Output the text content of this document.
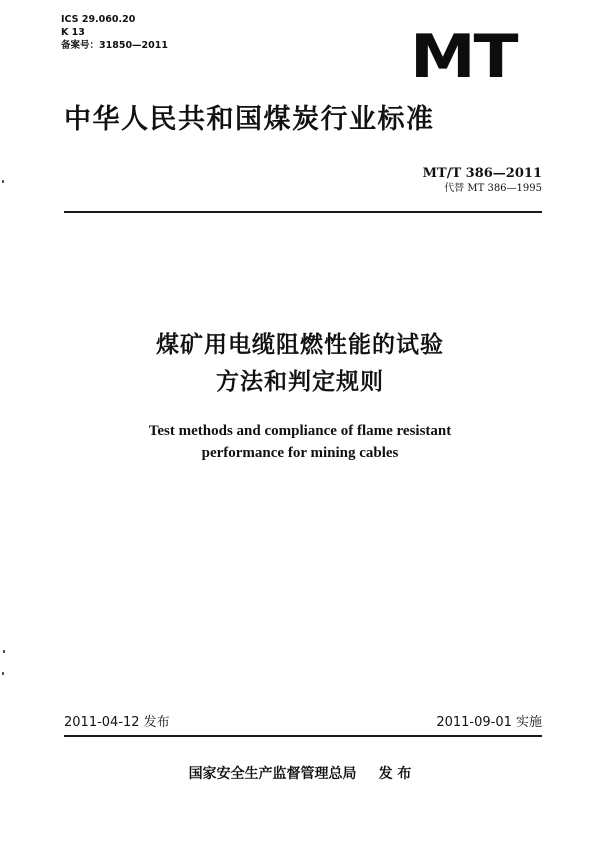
ICS 29.060.20
K 13
备案号：31850—2011	MT
中华人民共和国煤炭行业标准
MT/T 386—2011
代替 MT 386—1995
煤矿用电缆阻燃性能的试验
方法和判定规则
Test methods and compliance of flame resistant
performance for mining cables
2011-04-12 发布	2011-09-01 实施
国家安全生产监督管理总局 发 布
